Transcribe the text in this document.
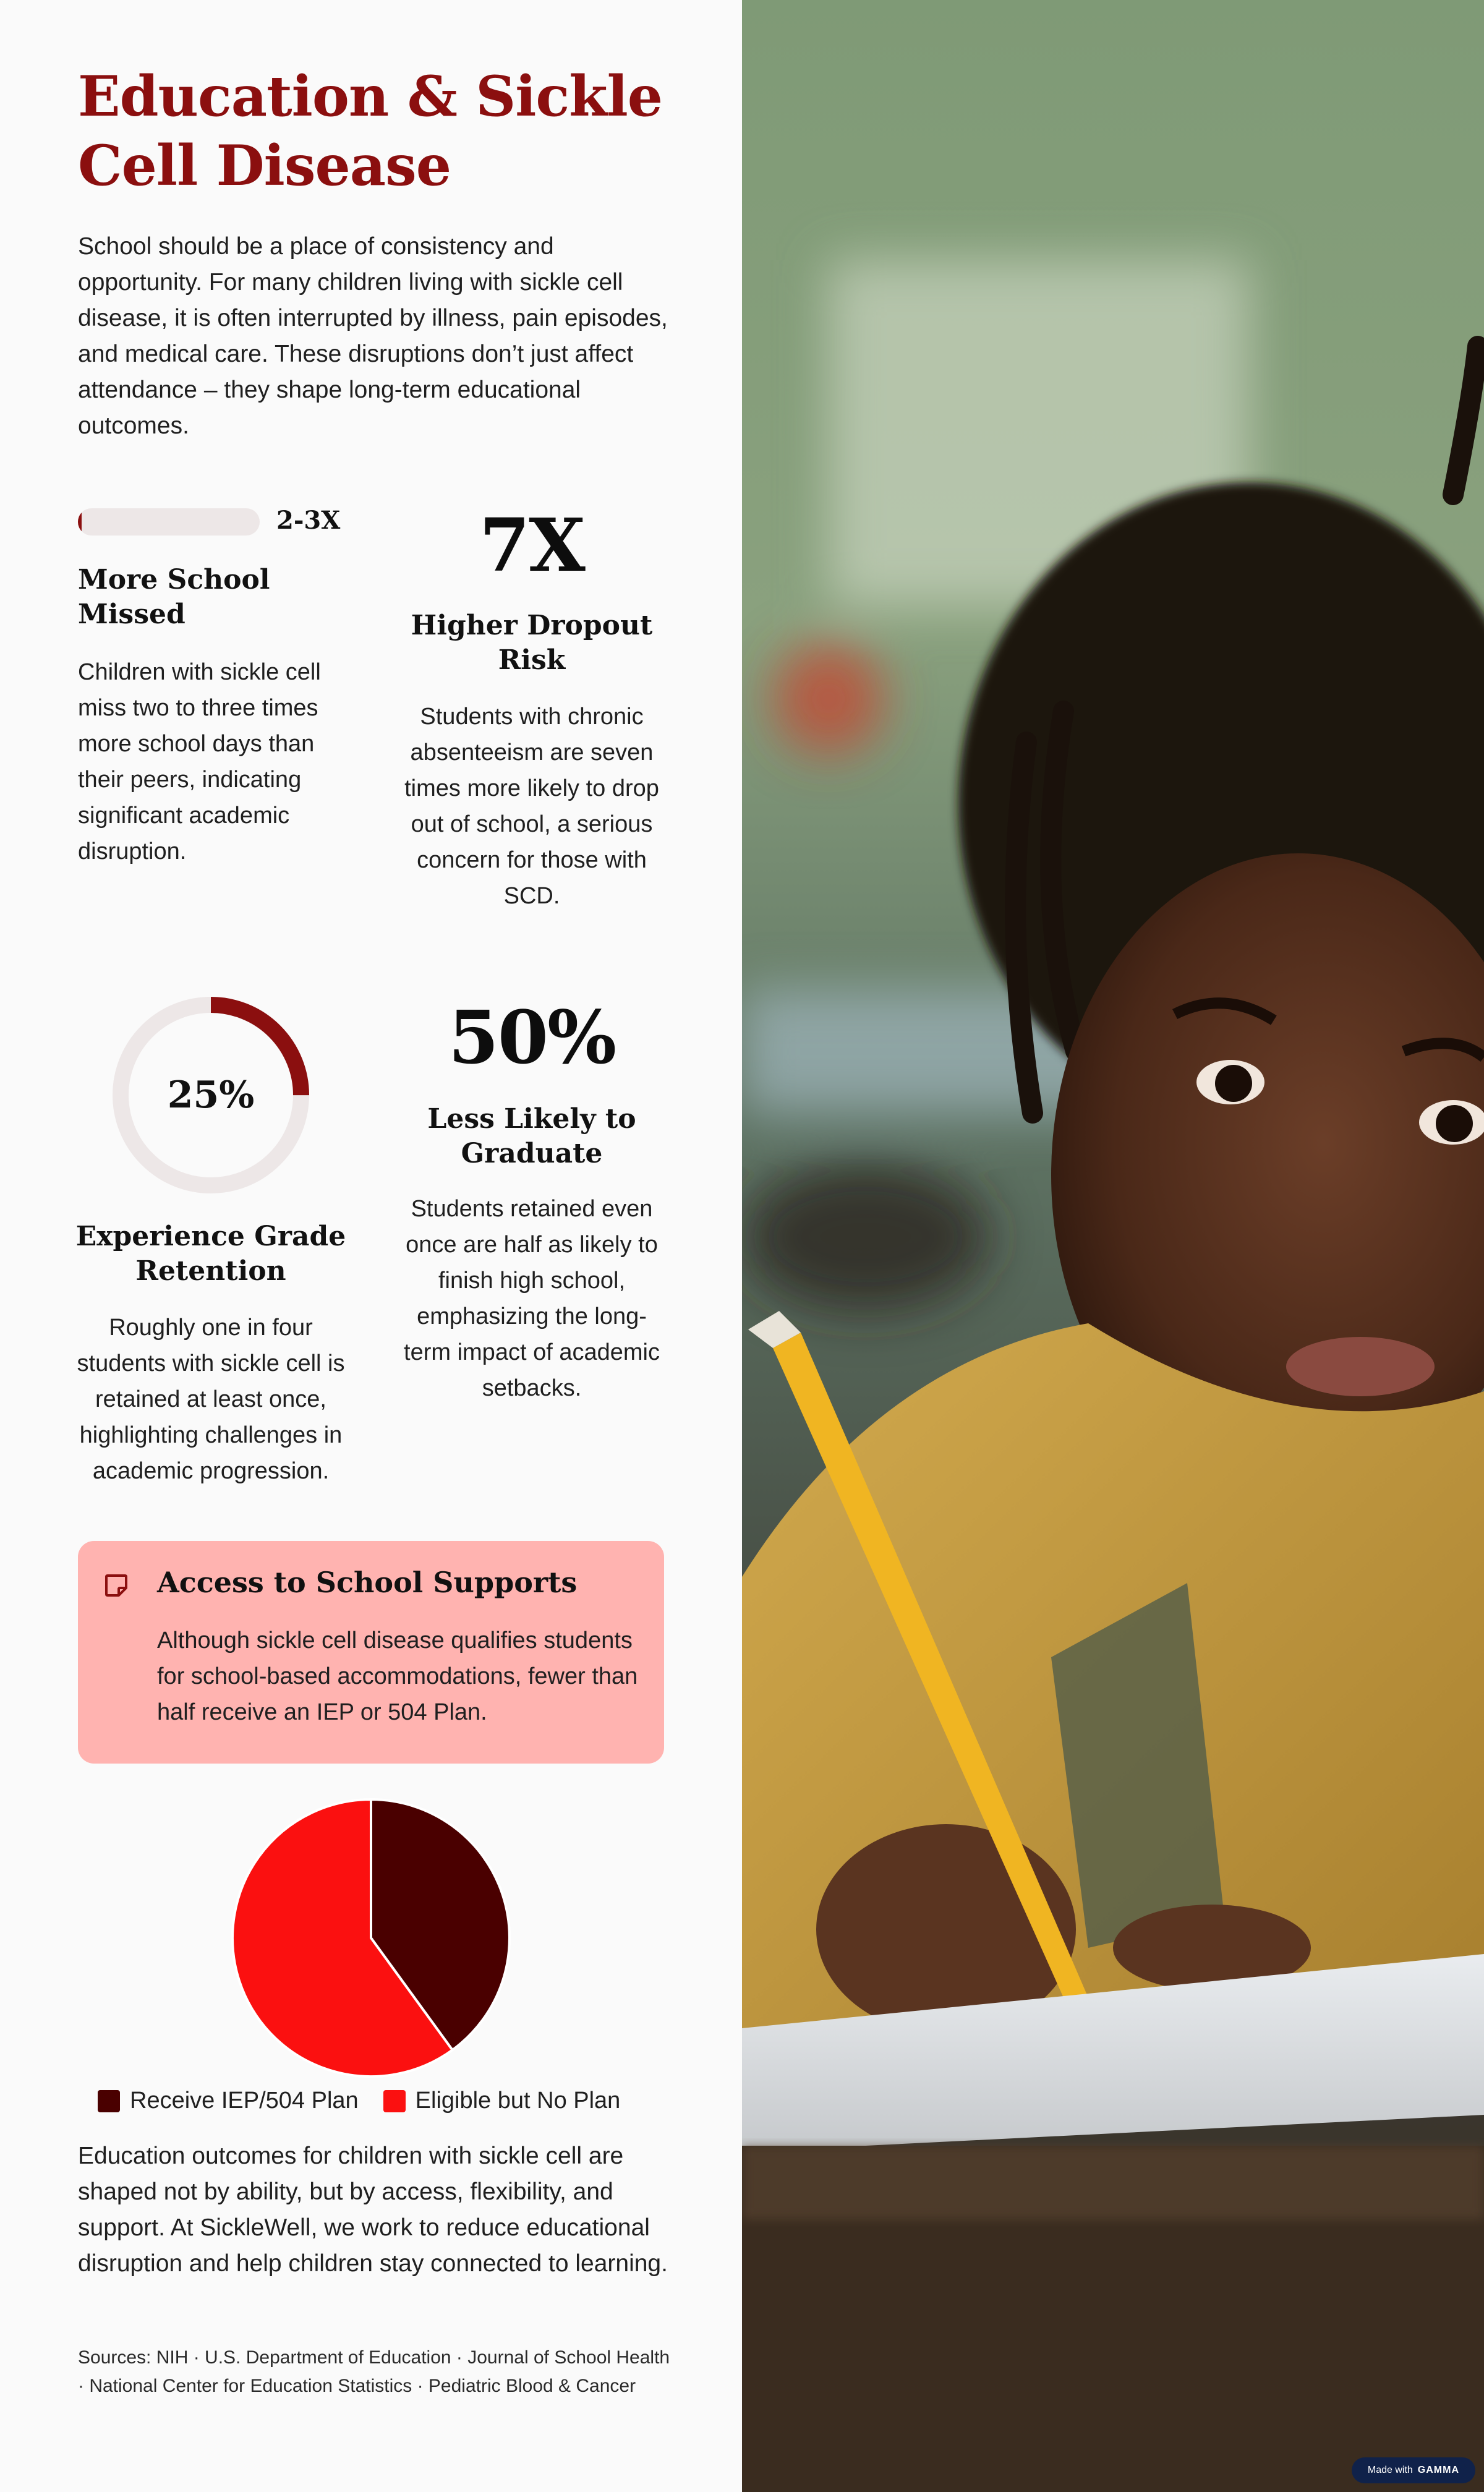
Education & Sickle Cell Disease

School should be a place of consistency and opportunity. For many children living with sickle cell disease, it is often interrupted by illness, pain episodes, and medical care. These disruptions don’t just affect attendance – they shape long-term educational outcomes.

2-3X
More School Missed

Children with sickle cell miss two to three times more school days than their peers, indicating significant academic disruption.

7X
Higher Dropout Risk

Students with chronic absenteeism are seven times more likely to drop out of school, a serious concern for those with SCD.

25%
Experience Grade Retention

Roughly one in four students with sickle cell is retained at least once, highlighting challenges in academic progression.

50%
Less Likely to Graduate

Students retained even once are half as likely to finish high school, emphasizing the long-term impact of academic setbacks.

Access to School Supports

Although sickle cell disease qualifies students for school-based accommodations, fewer than half receive an IEP or 504 Plan.

Receive IEP/504 Plan Eligible but No Plan

Education outcomes for children with sickle cell are shaped not by ability, but by access, flexibility, and support. At SickleWell, we work to reduce educational disruption and help children stay connected to learning.

Sources: NIH · U.S. Department of Education · Journal of School Health · National Center for Education Statistics · Pediatric Blood & Cancer

Made with GAMMA
